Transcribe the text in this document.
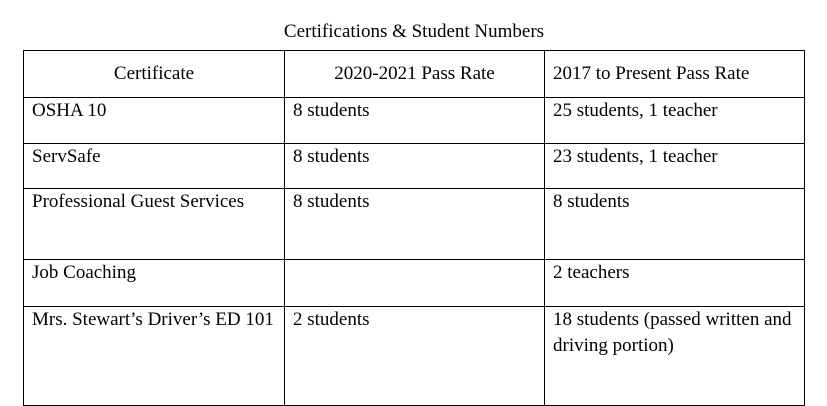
Certifications & Student Numbers
Certificate	2020-2021 Pass Rate	2017 to Present Pass Rate
OSHA 10	8 students	25 students, 1 teacher
ServSafe	8 students	23 students, 1 teacher
Professional Guest Services	8 students	8 students
Job Coaching		2 teachers
Mrs. Stewart’s Driver’s ED 101	2 students	18 students (passed written and driving portion)
